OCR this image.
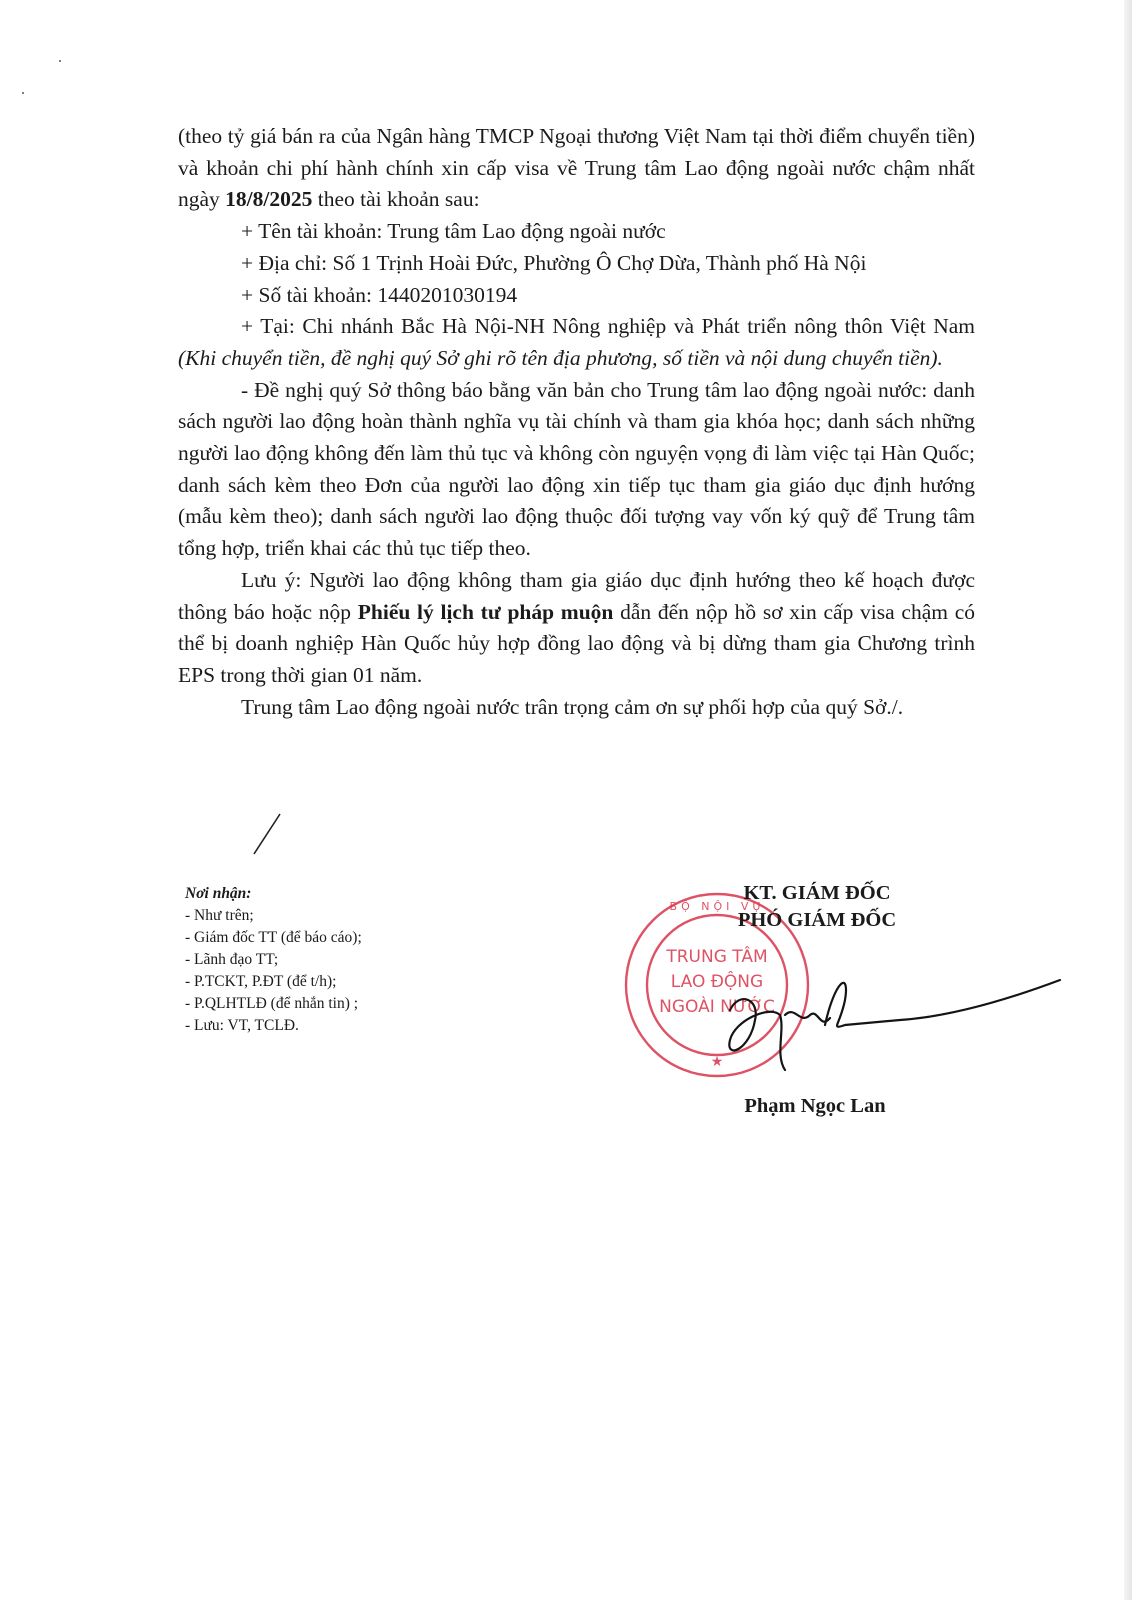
(theo tỷ giá bán ra của Ngân hàng TMCP Ngoại thương Việt Nam tại thời điểm chuyển tiền) và khoản chi phí hành chính xin cấp visa về Trung tâm Lao động ngoài nước chậm nhất ngày 18/8/2025 theo tài khoản sau:

+ Tên tài khoản: Trung tâm Lao động ngoài nước

+ Địa chỉ: Số 1 Trịnh Hoài Đức, Phường Ô Chợ Dừa, Thành phố Hà Nội

+ Số tài khoản: 1440201030194

+ Tại: Chi nhánh Bắc Hà Nội-NH Nông nghiệp và Phát triển nông thôn Việt Nam (Khi chuyển tiền, đề nghị quý Sở ghi rõ tên địa phương, số tiền và nội dung chuyển tiền).

- Đề nghị quý Sở thông báo bằng văn bản cho Trung tâm lao động ngoài nước: danh sách người lao động hoàn thành nghĩa vụ tài chính và tham gia khóa học; danh sách những người lao động không đến làm thủ tục và không còn nguyện vọng đi làm việc tại Hàn Quốc; danh sách kèm theo Đơn của người lao động xin tiếp tục tham gia giáo dục định hướng (mẫu kèm theo); danh sách người lao động thuộc đối tượng vay vốn ký quỹ để Trung tâm tổng hợp, triển khai các thủ tục tiếp theo.

Lưu ý: Người lao động không tham gia giáo dục định hướng theo kế hoạch được thông báo hoặc nộp Phiếu lý lịch tư pháp muộn dẫn đến nộp hồ sơ xin cấp visa chậm có thể bị doanh nghiệp Hàn Quốc hủy hợp đồng lao động và bị dừng tham gia Chương trình EPS trong thời gian 01 năm.

Trung tâm Lao động ngoài nước trân trọng cảm ơn sự phối hợp của quý Sở./.

Nơi nhận:
- Như trên;
- Giám đốc TT (để báo cáo);
- Lãnh đạo TT;
- P.TCKT, P.ĐT (để t/h);
- P.QLHTLĐ (để nhắn tin) ;
- Lưu: VT, TCLĐ.
TRUNG TÂM
LAO ĐỘNG
NGOÀI NƯỚC
BỘ NỘI VỤ
★
KT. GIÁM ĐỐC
PHÓ GIÁM ĐỐC
Phạm Ngọc Lan
